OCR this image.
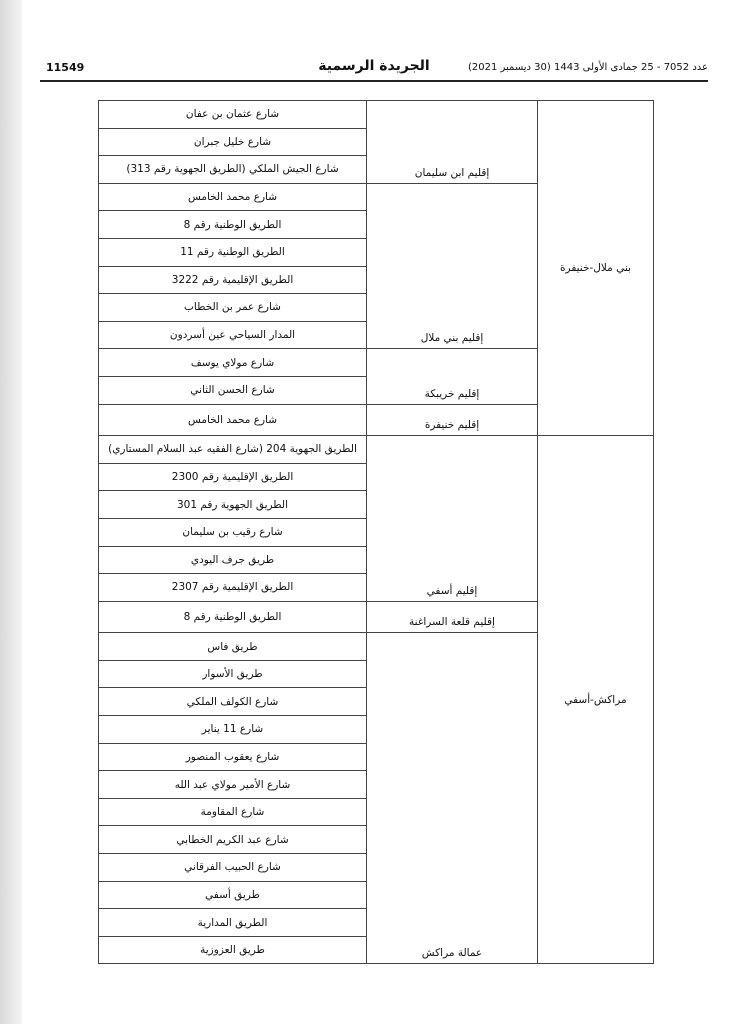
11549	الجريدة الرسمية	عدد 7052 - 25 جمادى الأولى 1443 (30 ديسمبر 2021)
بني ملال-خنيفرة	إقليم ابن سليمان	شارع عثمان بن عفان
		شارع خليل جبران
		شارع الجيش الملكي (الطريق الجهوية رقم 313)
	إقليم بني ملال	شارع محمد الخامس
		الطريق الوطنية رقم 8
		الطريق الوطنية رقم 11
		الطريق الإقليمية رقم 3222
		شارع عمر بن الخطاب
		المدار السياحي عين أسردون
	إقليم خريبكة	شارع مولاي يوسف
		شارع الحسن الثاني
	إقليم خنيفرة	شارع محمد الخامس
مراكش-أسفي	إقليم أسفي	الطريق الجهوية 204 (شارع الفقيه عبد السلام المستاري)
		الطريق الإقليمية رقم 2300
		الطريق الجهوية رقم 301
		شارع رقيب بن سليمان
		طريق جرف اليودي
		الطريق الإقليمية رقم 2307
	إقليم قلعة السراغنة	الطريق الوطنية رقم 8
	عمالة مراكش	طريق فاس
		طريق الأسوار
		شارع الكولف الملكي
		شارع 11 يناير
		شارع يعقوب المنصور
		شارع الأمير مولاي عبد الله
		شارع المقاومة
		شارع عبد الكريم الخطابي
		شارع الحبيب الفرقاني
		طريق أسفي
		الطريق المدارية
		طريق العزوزية
